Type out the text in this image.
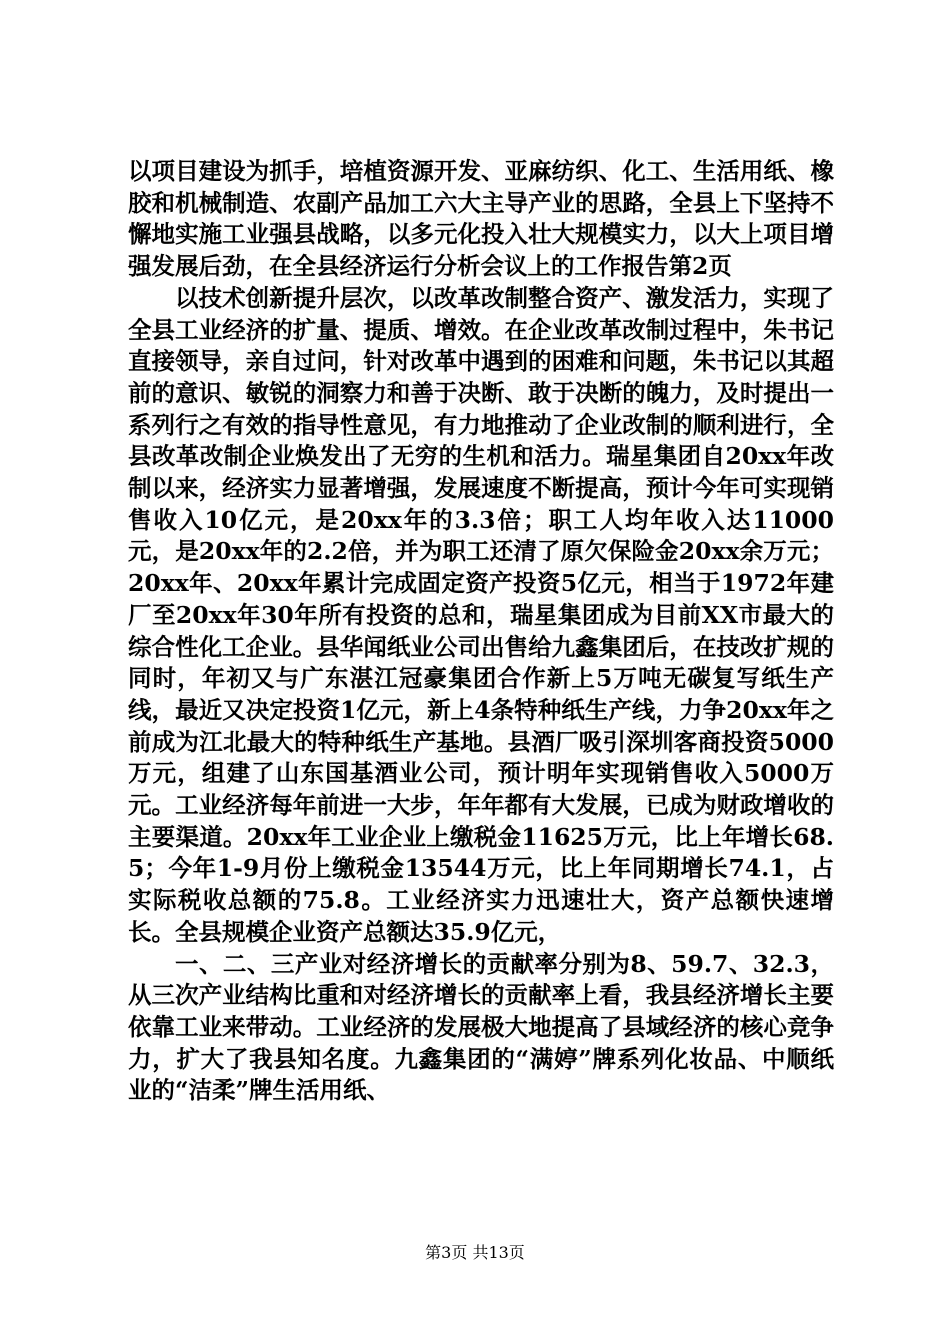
以项目建设为抓手，培植资源开发、亚麻纺织、化工、生活用纸、橡胶和机械制造、农副产品加工六大主导产业的思路，全县上下坚持不懈地实施工业强县战略，以多元化投入壮大规模实力，以大上项目增强发展后劲，在全县经济运行分析会议上的工作报告第2页

以技术创新提升层次，以改革改制整合资产、激发活力，实现了全县工业经济的扩量、提质、增效。在企业改革改制过程中，朱书记直接领导，亲自过问，针对改革中遇到的困难和问题，朱书记以其超前的意识、敏锐的洞察力和善于决断、敢于决断的魄力，及时提出一系列行之有效的指导性意见，有力地推动了企业改制的顺利进行，全县改革改制企业焕发出了无穷的生机和活力。瑞星集团自20xx年改制以来，经济实力显著增强，发展速度不断提高，预计今年可实现销售收入10亿元，是20xx年的3.3倍；职工人均年收入达11000元，是20xx年的2.2倍，并为职工还清了原欠保险金20xx余万元；20xx年、20xx年累计完成固定资产投资5亿元，相当于1972年建厂至20xx年30年所有投资的总和，瑞星集团成为目前XX市最大的综合性化工企业。县华闻纸业公司出售给九鑫集团后，在技改扩规的同时，年初又与广东湛江冠豪集团合作新上5万吨无碳复写纸生产线，最近又决定投资1亿元，新上4条特种纸生产线，力争20xx年之前成为江北最大的特种纸生产基地。县酒厂吸引深圳客商投资5000万元，组建了山东国基酒业公司，预计明年实现销售收入5000万元。工业经济每年前进一大步，年年都有大发展，已成为财政增收的主要渠道。20xx年工业企业上缴税金11625万元，比上年增长68.5；今年1-9月份上缴税金13544万元，比上年同期增长74.1，占实际税收总额的75.8。工业经济实力迅速壮大，资产总额快速增长。全县规模企业资产总额达35.9亿元，

一、二、三产业对经济增长的贡献率分别为8、59.7、32.3，从三次产业结构比重和对经济增长的贡献率上看，我县经济增长主要依靠工业来带动。工业经济的发展极大地提高了县域经济的核心竞争力，扩大了我县知名度。九鑫集团的“满婷”牌系列化妆品、中顺纸业的“洁柔”牌生活用纸、

第3页 共13页
